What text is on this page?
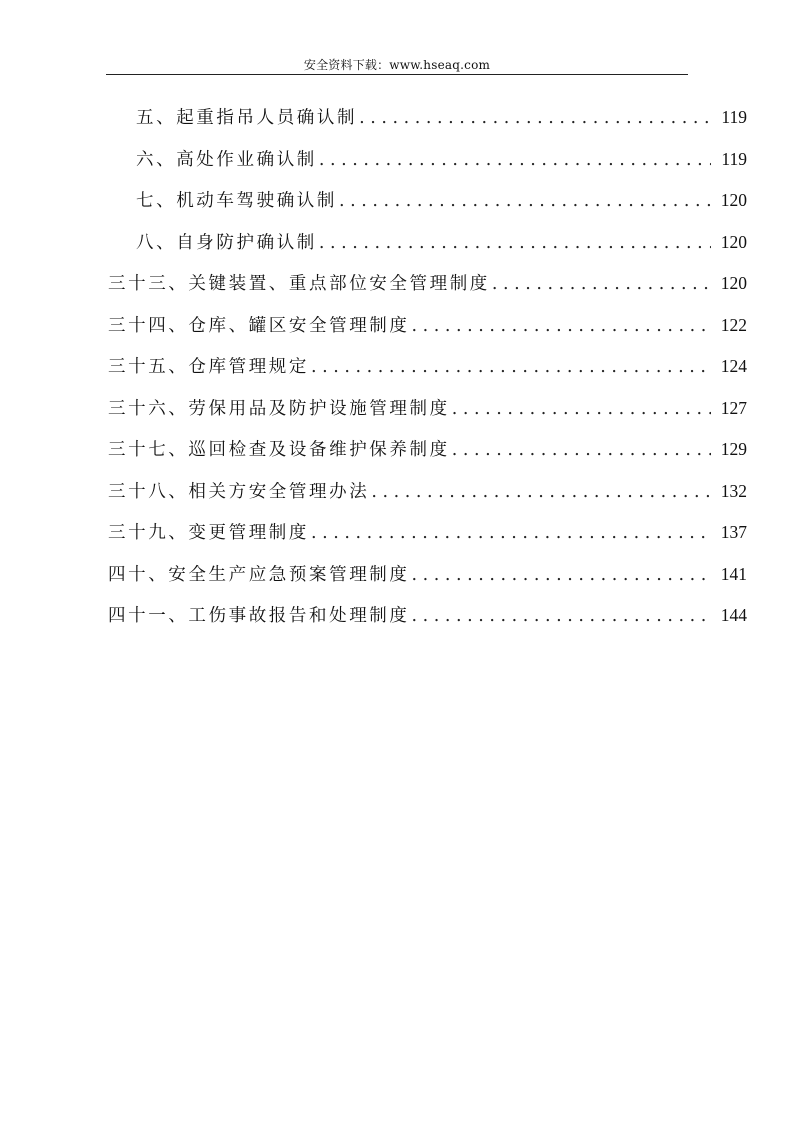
安全资料下载：www.hseaq.com
五、起重指吊人员确认制 . . .	119
六、高处作业确认制 . . .	119
七、机动车驾驶确认制 . . .	120
八、自身防护确认制 . . .	120
三十三、关键装置、重点部位安全管理制度 . . .	120
三十四、仓库、罐区安全管理制度 . . .	122
三十五、仓库管理规定 . . .	124
三十六、劳保用品及防护设施管理制度 . . .	127
三十七、巡回检查及设备维护保养制度 . . .	129
三十八、相关方安全管理办法 . . .	132
三十九、变更管理制度 . . .	137
四十、安全生产应急预案管理制度 . . .	141
四十一、工伤事故报告和处理制度 . . .	144
